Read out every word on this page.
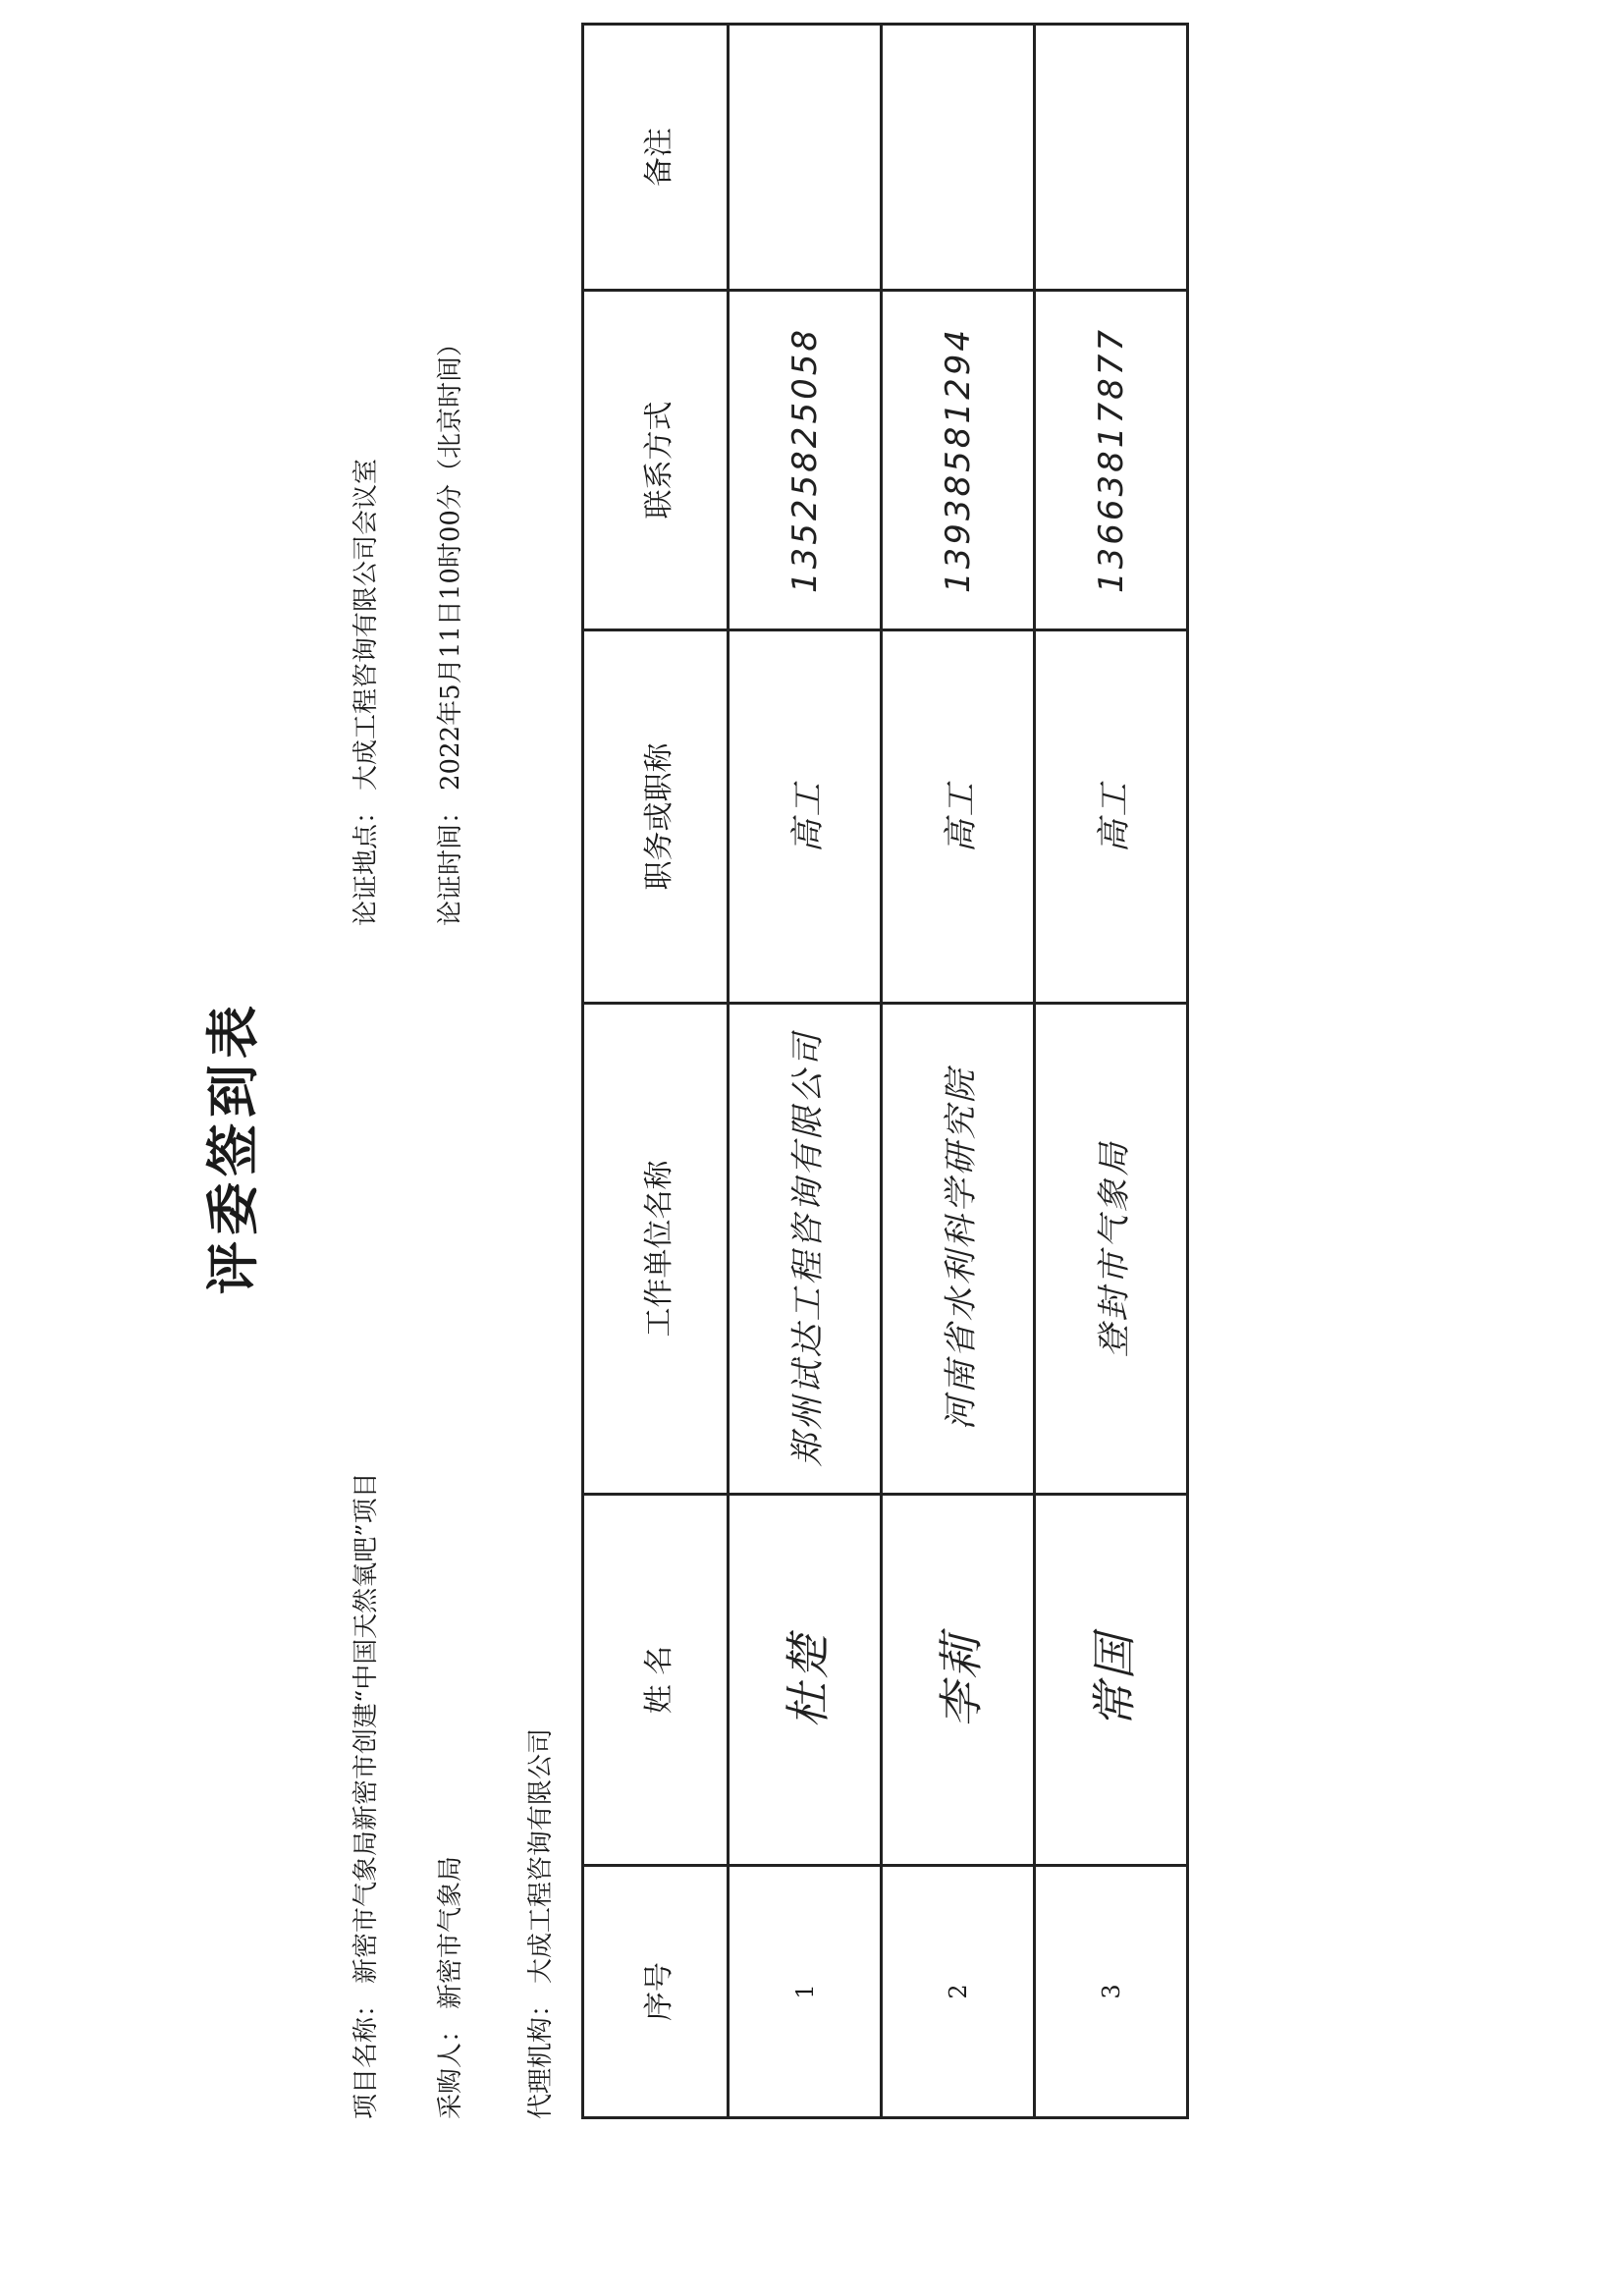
评委签到表
项目名称：新密市气象局新密市创建“中国天然氧吧”项目
论证地点：大成工程咨询有限公司会议室
采购人：新密市气象局
论证时间：2022年5月11日10时00分（北京时间）
代理机构：大成工程咨询有限公司
序号	姓 名	工作单位名称	职务或职称	联系方式	备注
1	杜楚	郑州试达工程咨询有限公司	高工	13525825058	
2	李莉	河南省水利科学研究院	高工	13938581294	
3	常国	登封市气象局	高工	13663817877	
